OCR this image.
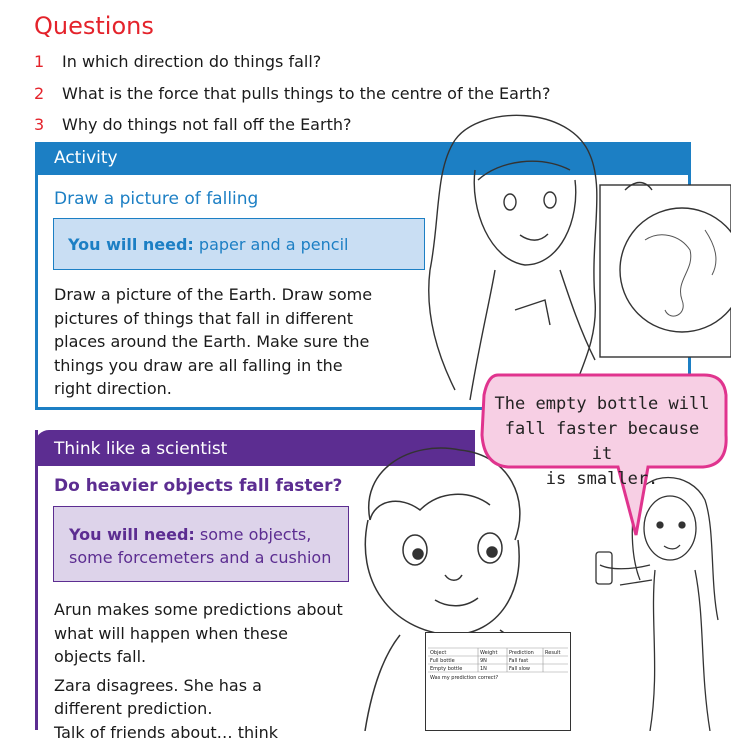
Questions
1 In which direction do things fall?
2 What is the force that pulls things to the centre of the Earth?
3 Why do things not fall off the Earth?
Activity
Draw a picture of falling
You will need: paper and a pencil
Draw a picture of the Earth. Draw some
pictures of things that fall in different
places around the Earth. Make sure the
things you draw are all falling in the
right direction.
Think like a scientist
Do heavier objects fall faster?
You will need: some objects,
some forcemeters and a cushion
Arun makes some predictions about
what will happen when these
objects fall.
Zara disagrees. She has a
different prediction.
Talk of friends about… think
Object	Weight Prediction Result
Full bottle	9N	Fall fast
Empty bottle	1N	Fall slow
Was my prediction correct?
The empty bottle will
fall faster because it
is smaller.
